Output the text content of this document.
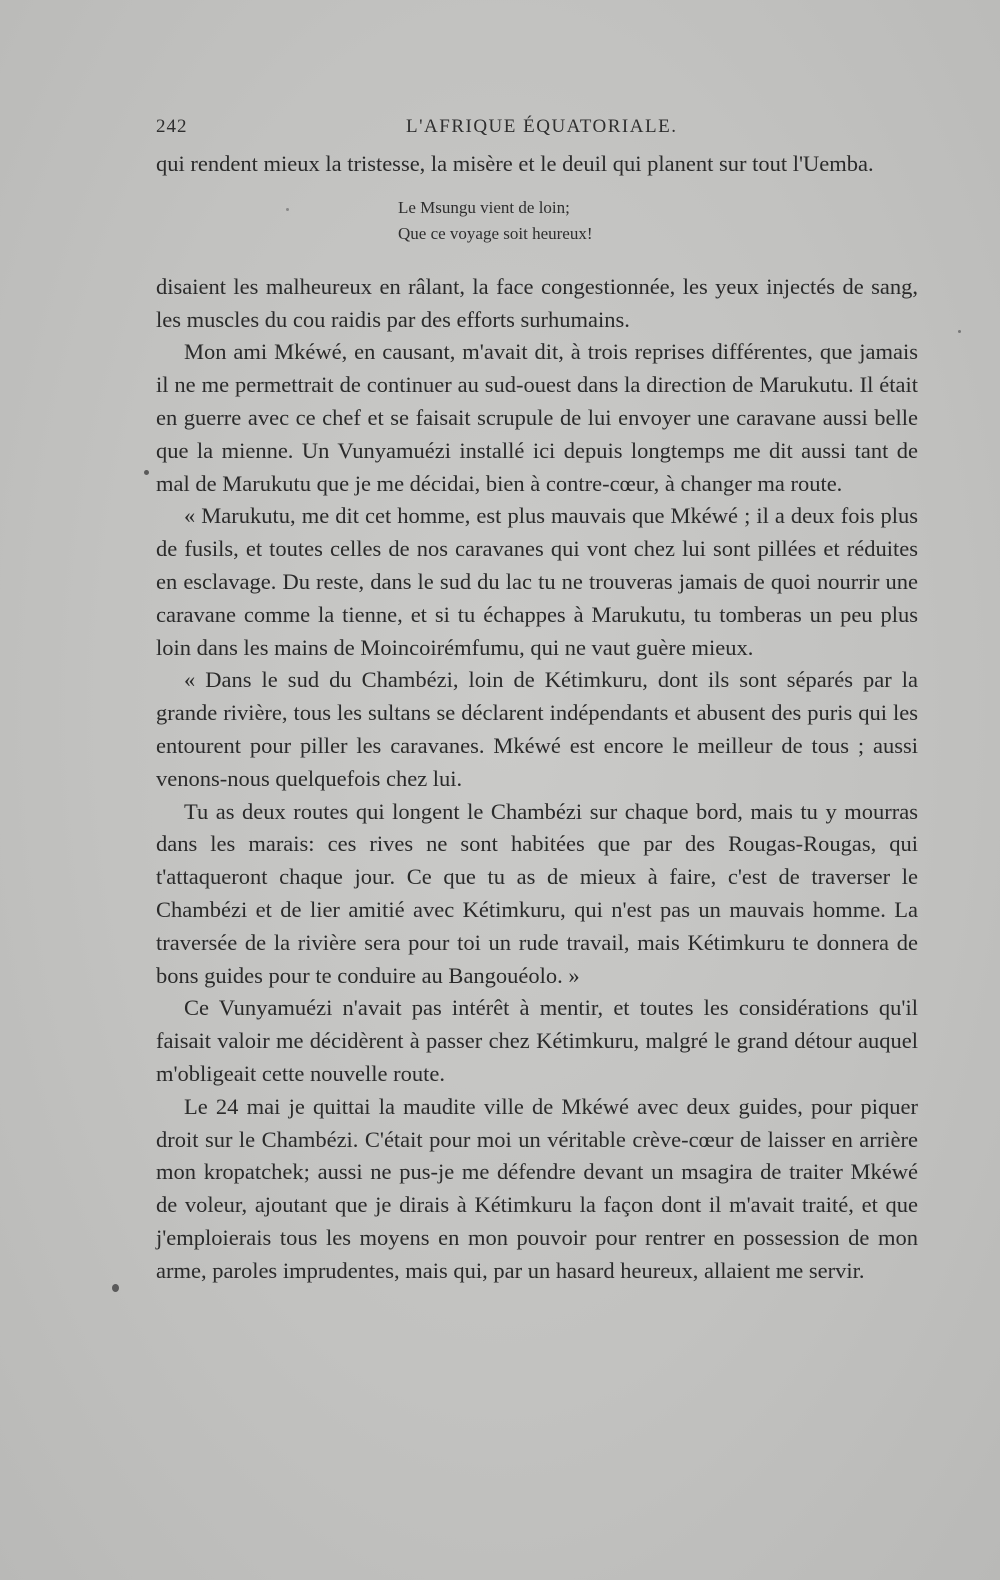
242	L'AFRIQUE ÉQUATORIALE.

qui rendent mieux la tristesse, la misère et le deuil qui planent sur tout l'Uemba.

Le Msungu vient de loin;
Que ce voyage soit heureux!

disaient les malheureux en râlant, la face congestionnée, les yeux injectés de sang, les muscles du cou raidis par des efforts surhumains.

Mon ami Mkéwé, en causant, m'avait dit, à trois reprises différentes, que jamais il ne me permettrait de continuer au sud-ouest dans la direction de Marukutu. Il était en guerre avec ce chef et se faisait scrupule de lui envoyer une caravane aussi belle que la mienne. Un Vunyamuézi installé ici depuis longtemps me dit aussi tant de mal de Marukutu que je me décidai, bien à contre-cœur, à changer ma route.

« Marukutu, me dit cet homme, est plus mauvais que Mkéwé ; il a deux fois plus de fusils, et toutes celles de nos caravanes qui vont chez lui sont pillées et réduites en esclavage. Du reste, dans le sud du lac tu ne trouveras jamais de quoi nourrir une caravane comme la tienne, et si tu échappes à Marukutu, tu tomberas un peu plus loin dans les mains de Moincoirémfumu, qui ne vaut guère mieux.

« Dans le sud du Chambézi, loin de Kétimkuru, dont ils sont séparés par la grande rivière, tous les sultans se déclarent indépendants et abusent des puris qui les entourent pour piller les caravanes. Mkéwé est encore le meilleur de tous ; aussi venons-nous quelquefois chez lui.

Tu as deux routes qui longent le Chambézi sur chaque bord, mais tu y mourras dans les marais: ces rives ne sont habitées que par des Rougas-Rougas, qui t'attaqueront chaque jour. Ce que tu as de mieux à faire, c'est de traverser le Chambézi et de lier amitié avec Kétimkuru, qui n'est pas un mauvais homme. La traversée de la rivière sera pour toi un rude travail, mais Kétimkuru te donnera de bons guides pour te conduire au Bangouéolo. »

Ce Vunyamuézi n'avait pas intérêt à mentir, et toutes les considérations qu'il faisait valoir me décidèrent à passer chez Kétimkuru, malgré le grand détour auquel m'obligeait cette nouvelle route.

Le 24 mai je quittai la maudite ville de Mkéwé avec deux guides, pour piquer droit sur le Chambézi. C'était pour moi un véritable crève-cœur de laisser en arrière mon kropatchek; aussi ne pus-je me défendre devant un msagira de traiter Mkéwé de voleur, ajoutant que je dirais à Kétimkuru la façon dont il m'avait traité, et que j'emploierais tous les moyens en mon pouvoir pour rentrer en possession de mon arme, paroles imprudentes, mais qui, par un hasard heureux, allaient me servir.
